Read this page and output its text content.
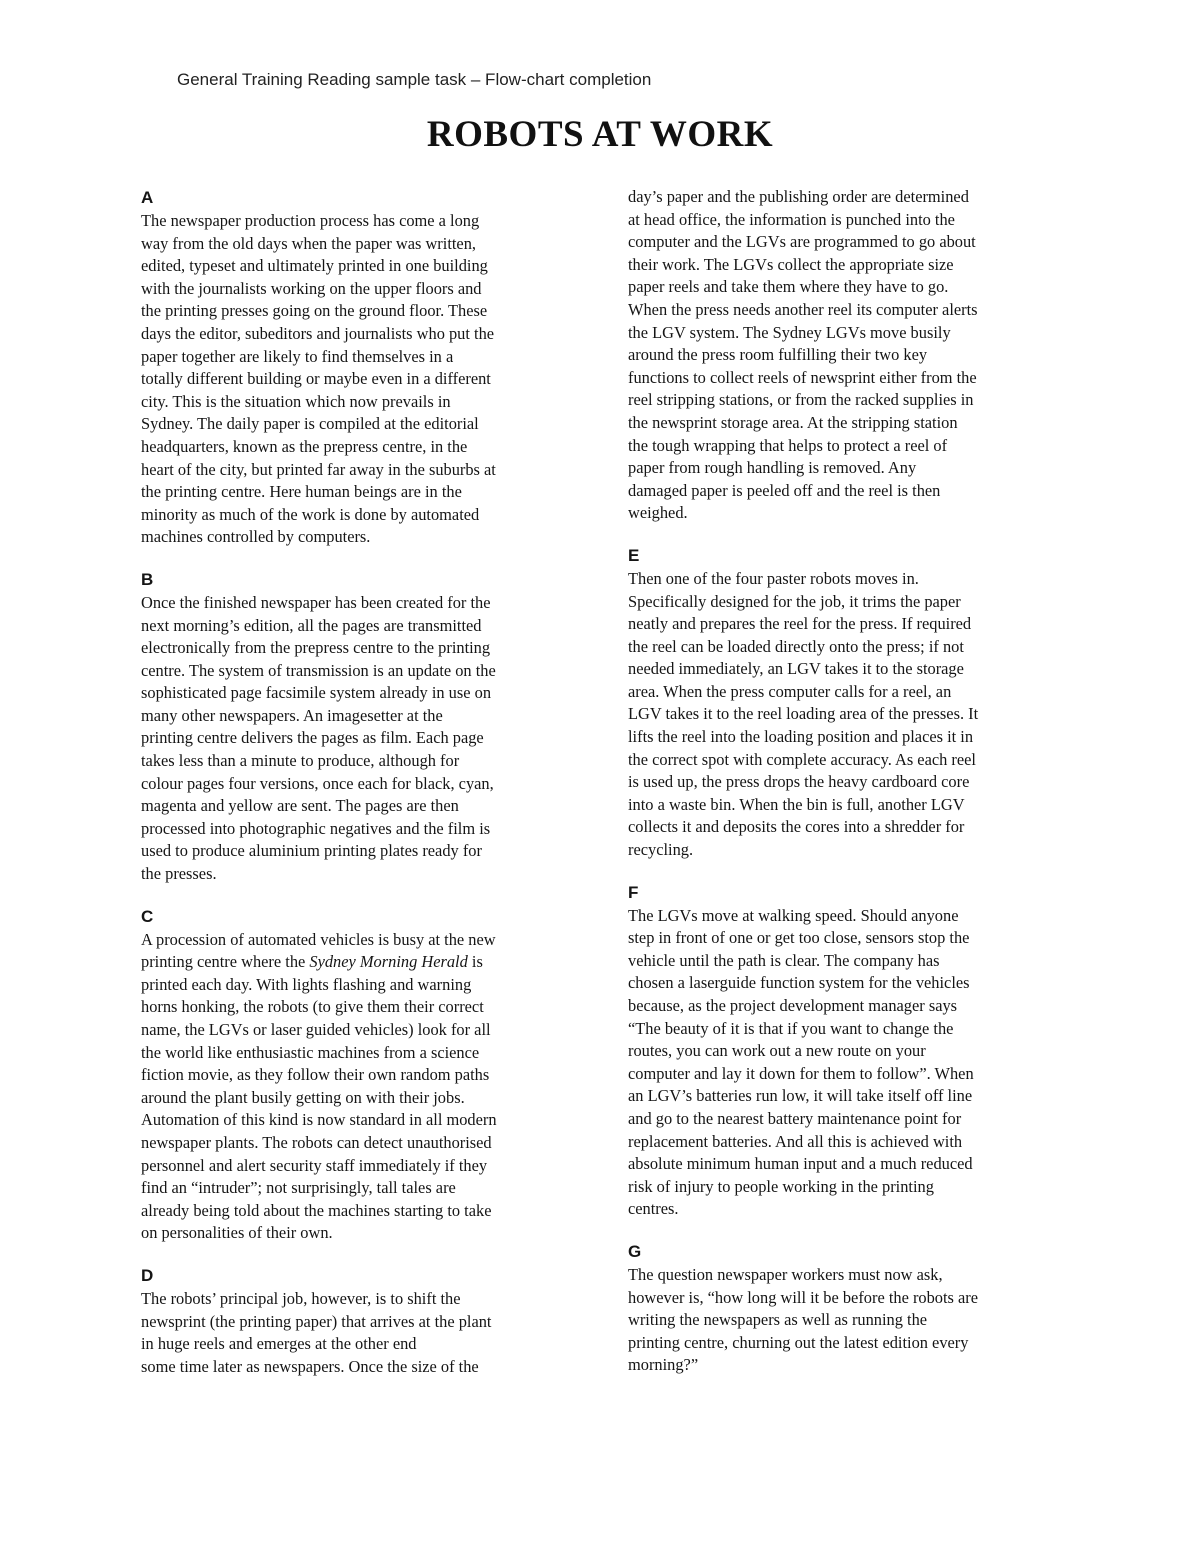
General Training Reading sample task – Flow-chart completion
ROBOTS AT WORK
A
The newspaper production process has come a long
way from the old days when the paper was written,
edited, typeset and ultimately printed in one building
with the journalists working on the upper floors and
the printing presses going on the ground floor. These
days the editor, subeditors and journalists who put the
paper together are likely to find themselves in a
totally different building or maybe even in a different
city. This is the situation which now prevails in
Sydney. The daily paper is compiled at the editorial
headquarters, known as the prepress centre, in the
heart of the city, but printed far away in the suburbs at
the printing centre. Here human beings are in the
minority as much of the work is done by automated
machines controlled by computers.
B
Once the finished newspaper has been created for the
next morning’s edition, all the pages are transmitted
electronically from the prepress centre to the printing
centre. The system of transmission is an update on the
sophisticated page facsimile system already in use on
many other newspapers. An imagesetter at the
printing centre delivers the pages as film. Each page
takes less than a minute to produce, although for
colour pages four versions, once each for black, cyan,
magenta and yellow are sent. The pages are then
processed into photographic negatives and the film is
used to produce aluminium printing plates ready for
the presses.
C
A procession of automated vehicles is busy at the new
printing centre where the Sydney Morning Herald is
printed each day. With lights flashing and warning
horns honking, the robots (to give them their correct
name, the LGVs or laser guided vehicles) look for all
the world like enthusiastic machines from a science
fiction movie, as they follow their own random paths
around the plant busily getting on with their jobs.
Automation of this kind is now standard in all modern
newspaper plants. The robots can detect unauthorised
personnel and alert security staff immediately if they
find an “intruder”; not surprisingly, tall tales are
already being told about the machines starting to take
on personalities of their own.
D
The robots’ principal job, however, is to shift the
newsprint (the printing paper) that arrives at the plant
in huge reels and emerges at the other end
some time later as newspapers. Once the size of the
day’s paper and the publishing order are determined
at head office, the information is punched into the
computer and the LGVs are programmed to go about
their work. The LGVs collect the appropriate size
paper reels and take them where they have to go.
When the press needs another reel its computer alerts
the LGV system. The Sydney LGVs move busily
around the press room fulfilling their two key
functions to collect reels of newsprint either from the
reel stripping stations, or from the racked supplies in
the newsprint storage area. At the stripping station
the tough wrapping that helps to protect a reel of
paper from rough handling is removed. Any
damaged paper is peeled off and the reel is then
weighed.
E
Then one of the four paster robots moves in.
Specifically designed for the job, it trims the paper
neatly and prepares the reel for the press. If required
the reel can be loaded directly onto the press; if not
needed immediately, an LGV takes it to the storage
area. When the press computer calls for a reel, an
LGV takes it to the reel loading area of the presses. It
lifts the reel into the loading position and places it in
the correct spot with complete accuracy. As each reel
is used up, the press drops the heavy cardboard core
into a waste bin. When the bin is full, another LGV
collects it and deposits the cores into a shredder for
recycling.
F
The LGVs move at walking speed. Should anyone
step in front of one or get too close, sensors stop the
vehicle until the path is clear. The company has
chosen a laserguide function system for the vehicles
because, as the project development manager says
“The beauty of it is that if you want to change the
routes, you can work out a new route on your
computer and lay it down for them to follow”. When
an LGV’s batteries run low, it will take itself off line
and go to the nearest battery maintenance point for
replacement batteries. And all this is achieved with
absolute minimum human input and a much reduced
risk of injury to people working in the printing
centres.
G
The question newspaper workers must now ask,
however is, “how long will it be before the robots are
writing the newspapers as well as running the
printing centre, churning out the latest edition every
morning?”
